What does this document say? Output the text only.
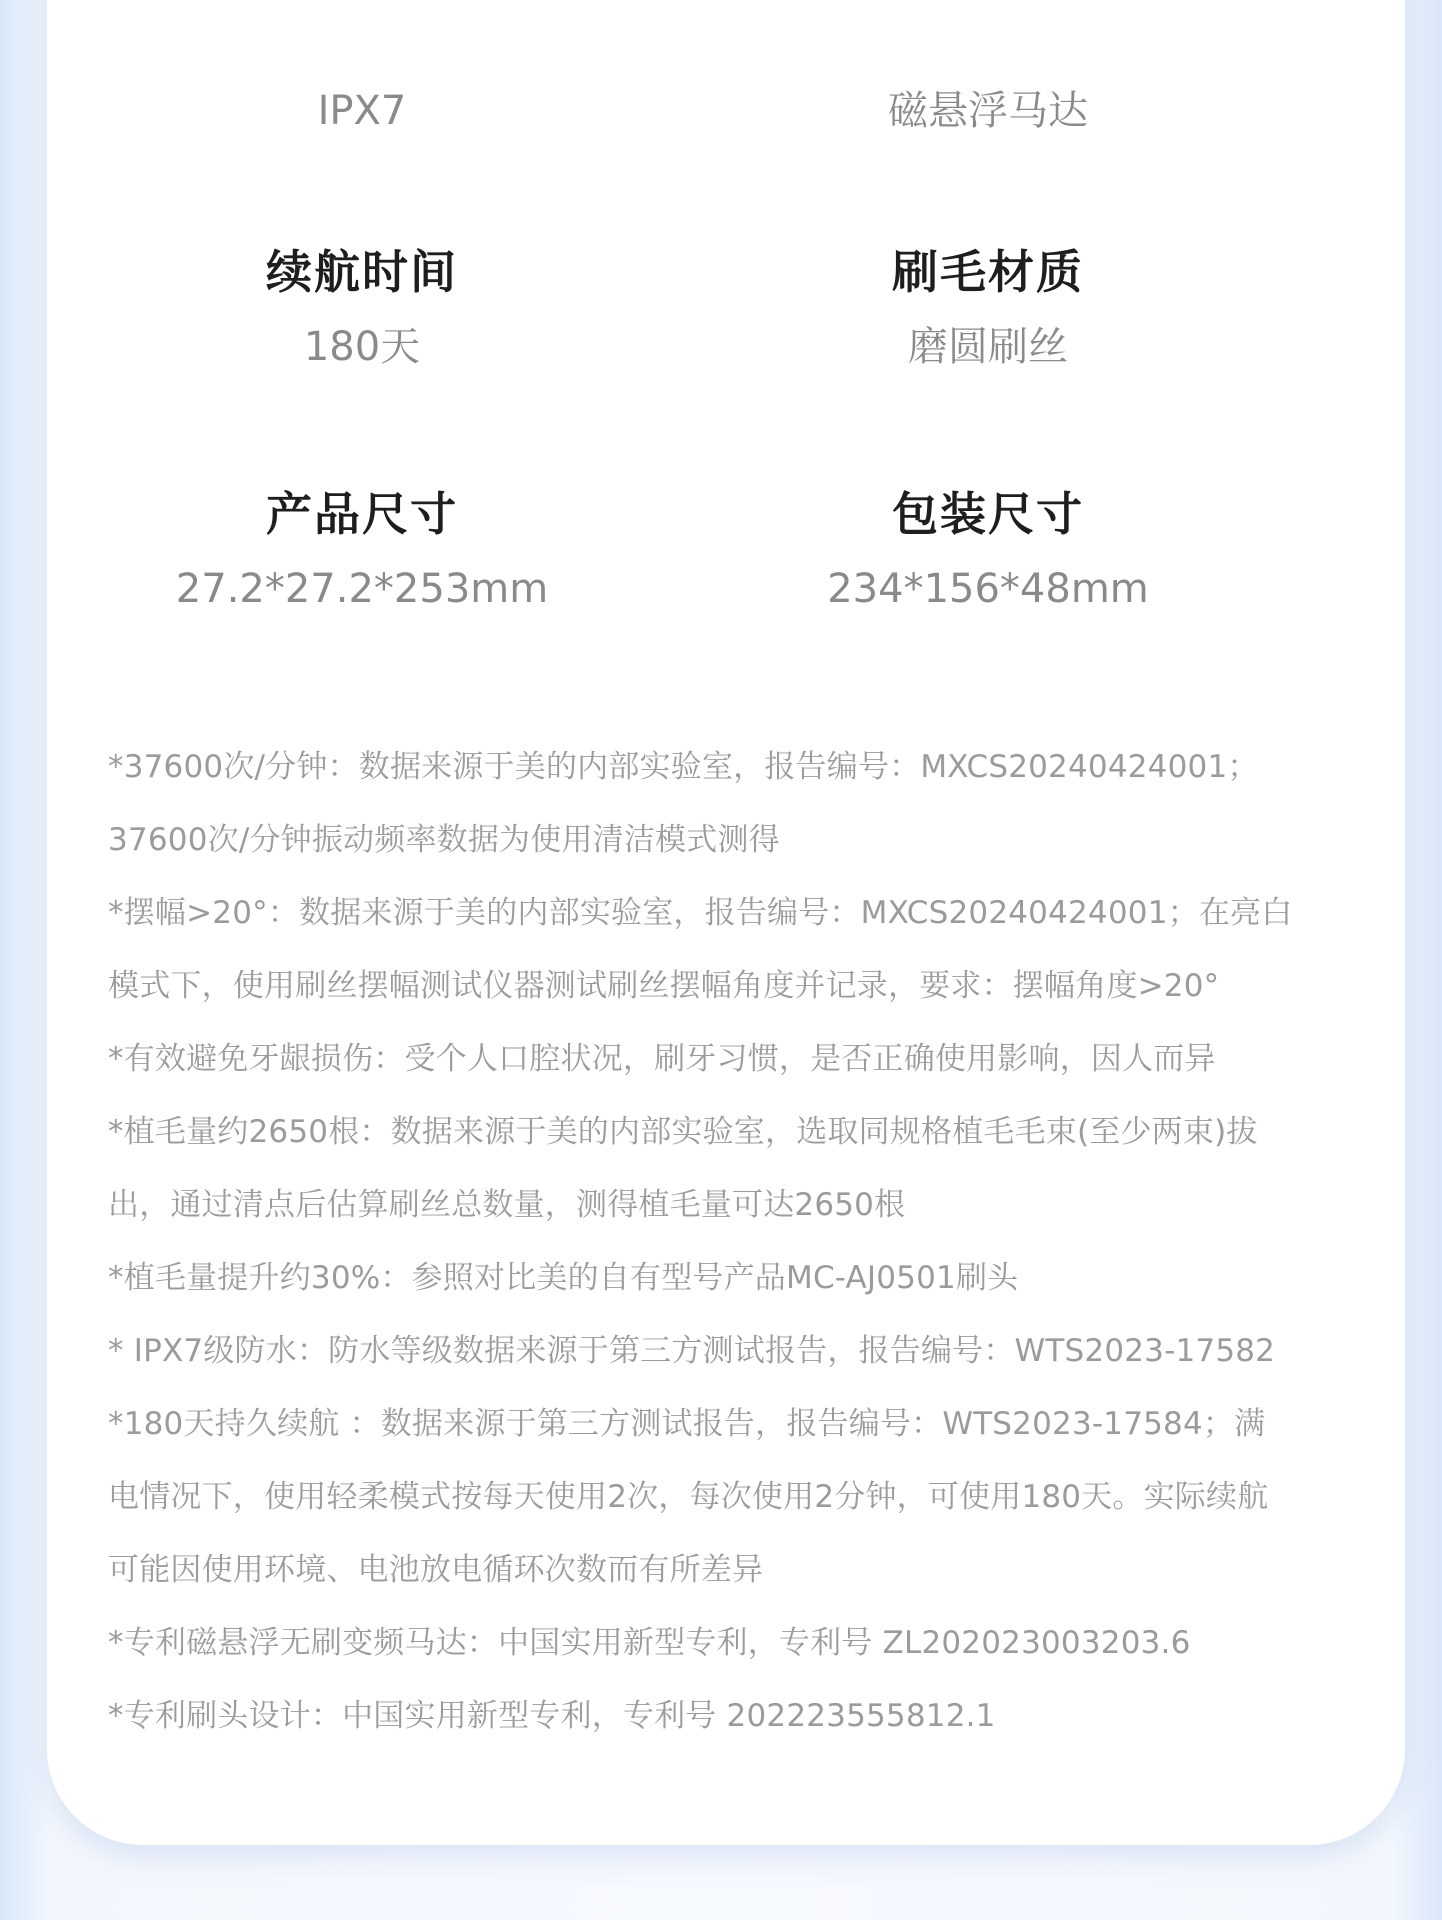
IPX7	磁悬浮马达
续航时间
180天
刷毛材质
磨圆刷丝
产品尺寸
27.2*27.2*253mm
包装尺寸
234*156*48mm
*37600次/分钟：数据来源于美的内部实验室，报告编号：MXCS20240424001；
37600次/分钟振动频率数据为使用清洁模式测得
*摆幅>20°：数据来源于美的内部实验室，报告编号：MXCS20240424001；在亮白
模式下，使用刷丝摆幅测试仪器测试刷丝摆幅角度并记录，要求：摆幅角度>20°
*有效避免牙龈损伤：受个人口腔状况，刷牙习惯，是否正确使用影响，因人而异
*植毛量约2650根：数据来源于美的内部实验室，选取同规格植毛毛束(至少两束)拔
出，通过清点后估算刷丝总数量，测得植毛量可达2650根
*植毛量提升约30%：参照对比美的自有型号产品MC-AJ0501刷头
* IPX7级防水：防水等级数据来源于第三方测试报告，报告编号：WTS2023-17582
*180天持久续航 ：数据来源于第三方测试报告，报告编号：WTS2023-17584；满
电情况下，使用轻柔模式按每天使用2次，每次使用2分钟，可使用180天。实际续航
可能因使用环境、电池放电循环次数而有所差异
*专利磁悬浮无刷变频马达：中国实用新型专利，专利号 ZL202023003203.6
*专利刷头设计：中国实用新型专利，专利号 202223555812.1
